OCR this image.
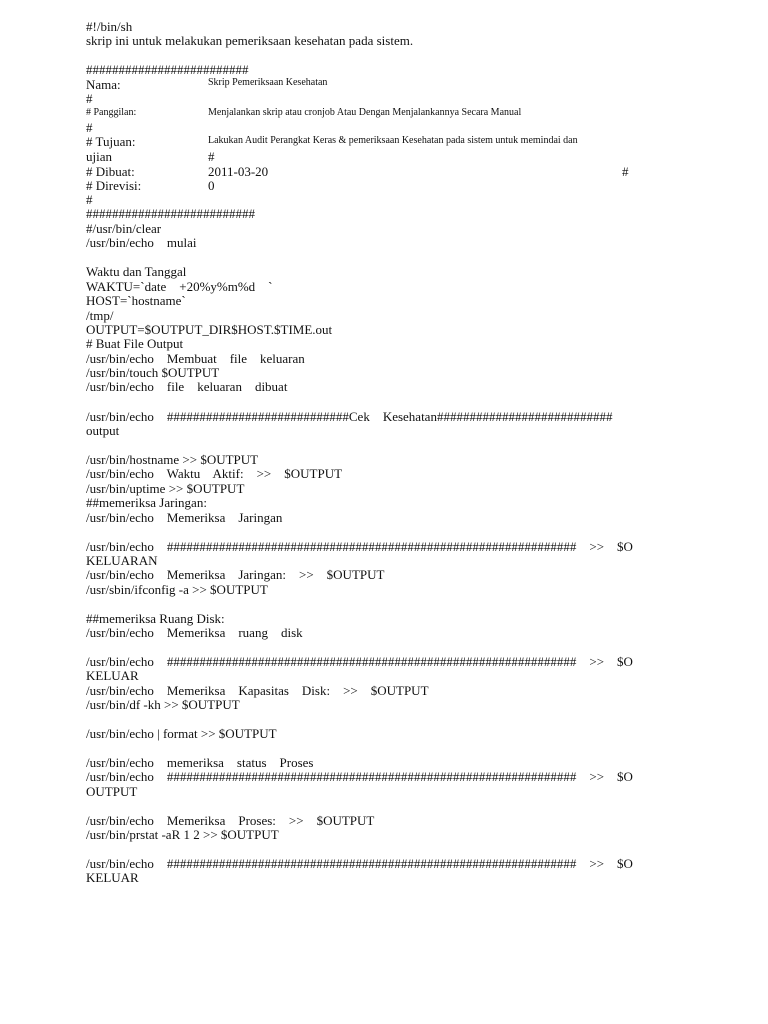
#!/bin/sh
skrip ini untuk melakukan pemeriksaan kesehatan pada sistem.
#########################
Nama:	Skrip Pemeriksaan Kesehatan
#
# Panggilan:	Menjalankan skrip atau cronjob Atau Dengan Menjalankannya Secara Manual
#
# Tujuan:	Lakukan Audit Perangkat Keras & pemeriksaan Kesehatan pada sistem untuk memindai dan
ujian	#
# Dibuat:	2011-03-20	#
# Direvisi:	0
#
##########################
#/usr/bin/clear
/usr/bin/echo    mulai
Waktu dan Tanggal
WAKTU=`date    +20%y%m%d    `
HOST=`hostname`
/tmp/
OUTPUT=$OUTPUT_DIR$HOST.$TIME.out
# Buat File Output
/usr/bin/echo    Membuat    file    keluaran
/usr/bin/touch $OUTPUT
/usr/bin/echo    file    keluaran    dibuat
/usr/bin/echo    ############################Cek    Kesehatan###########################
output
/usr/bin/hostname >> $OUTPUT
/usr/bin/echo    Waktu    Aktif:    >>    $OUTPUT
/usr/bin/uptime >> $OUTPUT
##memeriksa Jaringan:
/usr/bin/echo    Memeriksa    Jaringan
/usr/bin/echo    ###############################################################    >>    $O
KELUARAN
/usr/bin/echo    Memeriksa    Jaringan:    >>    $OUTPUT
/usr/sbin/ifconfig -a >> $OUTPUT
##memeriksa Ruang Disk:
/usr/bin/echo    Memeriksa    ruang    disk
/usr/bin/echo    ###############################################################    >>    $O
KELUAR
/usr/bin/echo    Memeriksa    Kapasitas    Disk:    >>    $OUTPUT
/usr/bin/df -kh >> $OUTPUT
/usr/bin/echo | format >> $OUTPUT
/usr/bin/echo    memeriksa    status    Proses
/usr/bin/echo    ###############################################################    >>    $O
OUTPUT
/usr/bin/echo    Memeriksa    Proses:    >>    $OUTPUT
/usr/bin/prstat -aR 1 2 >> $OUTPUT
/usr/bin/echo    ###############################################################    >>    $O
KELUAR
